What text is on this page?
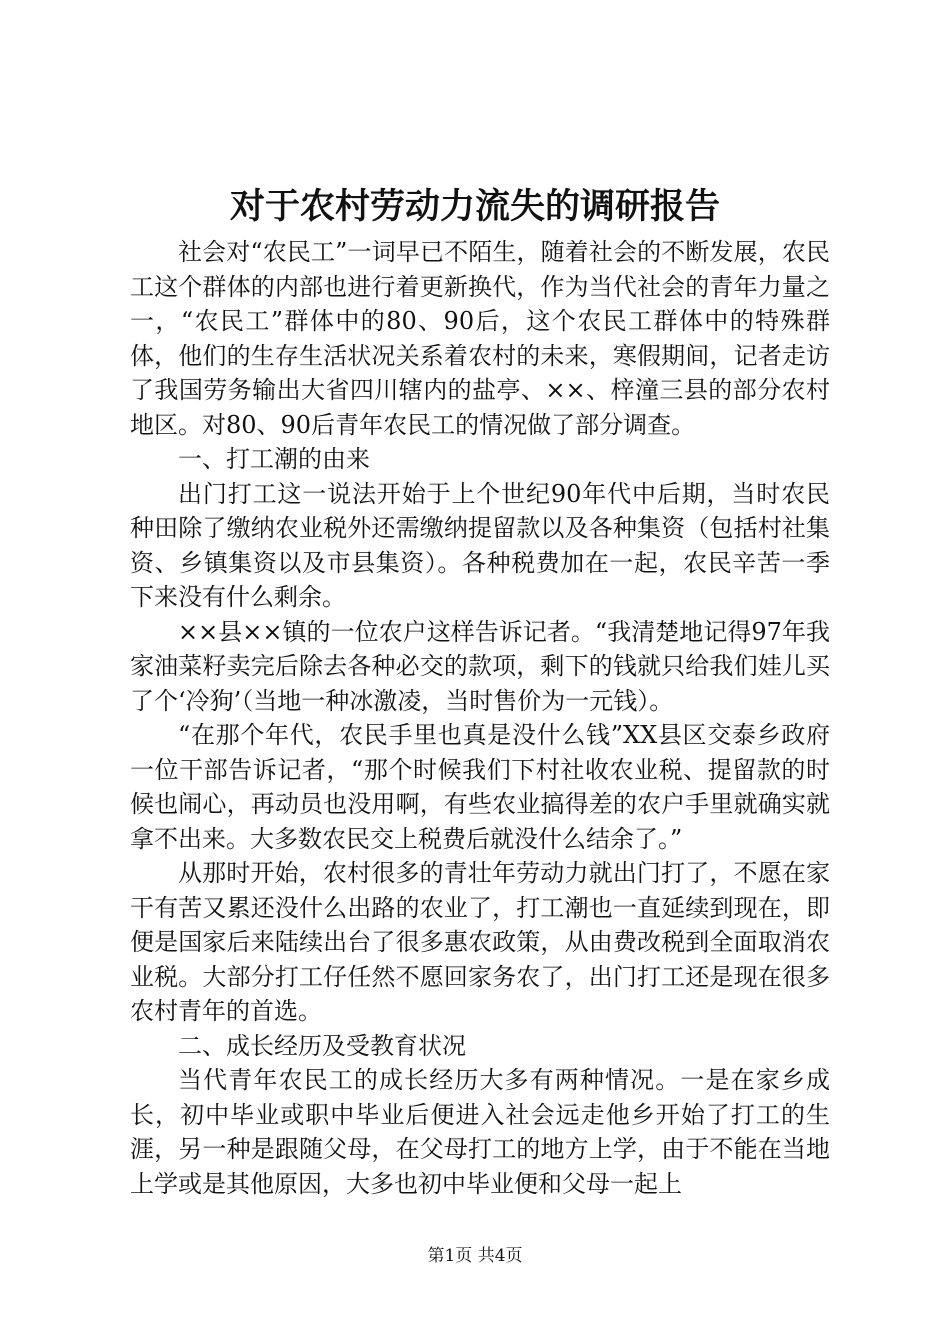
对于农村劳动力流失的调研报告

社会对“农民工”一词早已不陌生，随着社会的不断发展，农民工这个群体的内部也进行着更新换代，作为当代社会的青年力量之一，“农民工”群体中的80、90后，这个农民工群体中的特殊群体，他们的生存生活状况关系着农村的未来，寒假期间，记者走访了我国劳务输出大省四川辖内的盐亭、××、梓潼三县的部分农村地区。对80、90后青年农民工的情况做了部分调查。

一、打工潮的由来

出门打工这一说法开始于上个世纪90年代中后期，当时农民种田除了缴纳农业税外还需缴纳提留款以及各种集资（包括村社集资、乡镇集资以及市县集资）。各种税费加在一起，农民辛苦一季下来没有什么剩余。

××县××镇的一位农户这样告诉记者。“我清楚地记得97年我家油菜籽卖完后除去各种必交的款项，剩下的钱就只给我们娃儿买了个‘冷狗’（当地一种冰激凌，当时售价为一元钱）。

“在那个年代，农民手里也真是没什么钱”XX县区交泰乡政府一位干部告诉记者，“那个时候我们下村社收农业税、提留款的时候也闹心，再动员也没用啊，有些农业搞得差的农户手里就确实就拿不出来。大多数农民交上税费后就没什么结余了。”

从那时开始，农村很多的青壮年劳动力就出门打了，不愿在家干有苦又累还没什么出路的农业了，打工潮也一直延续到现在，即便是国家后来陆续出台了很多惠农政策，从由费改税到全面取消农业税。大部分打工仔任然不愿回家务农了，出门打工还是现在很多农村青年的首选。

二、成长经历及受教育状况

当代青年农民工的成长经历大多有两种情况。一是在家乡成长，初中毕业或职中毕业后便进入社会远走他乡开始了打工的生涯，另一种是跟随父母，在父母打工的地方上学，由于不能在当地上学或是其他原因，大多也初中毕业便和父母一起上

第1页 共4页
